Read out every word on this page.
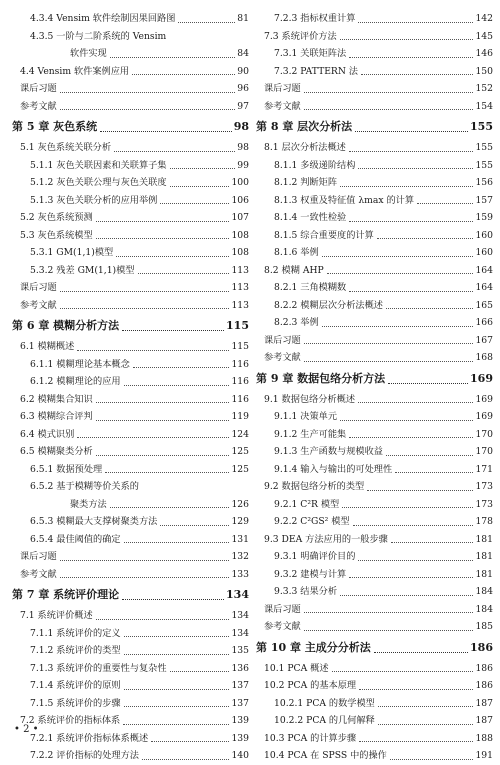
4.3.4 Vensim 软件绘制因果回路图	81
4.3.5 一阶与二阶系统的 Vensim
软件实现	84
4.4 Vensim 软件案例应用	90
课后习题	96
参考文献	97
第 5 章 灰色系统	98
5.1 灰色系统关联分析	98
5.1.1 灰色关联因素和关联算子集	99
5.1.2 灰色关联公理与灰色关联度	100
5.1.3 灰色关联分析的应用举例	106
5.2 灰色系统预测	107
5.3 灰色系统模型	108
5.3.1 GM(1,1)模型	108
5.3.2 残差 GM(1,1)模型	113
课后习题	113
参考文献	113
第 6 章 模糊分析方法	115
6.1 模糊概述	115
6.1.1 模糊理论基本概念	116
6.1.2 模糊理论的应用	116
6.2 模糊集合知识	116
6.3 模糊综合评判	119
6.4 模式识别	124
6.5 模糊聚类分析	125
6.5.1 数据预处理	125
6.5.2 基于模糊等价关系的
聚类方法	126
6.5.3 模糊最大支撑树聚类方法	129
6.5.4 最佳阈值的确定	131
课后习题	132
参考文献	133
第 7 章 系统评价理论	134
7.1 系统评价概述	134
7.1.1 系统评价的定义	134
7.1.2 系统评价的类型	135
7.1.3 系统评价的重要性与复杂性	136
7.1.4 系统评价的原则	137
7.1.5 系统评价的步骤	137
7.2 系统评价的指标体系	139
7.2.1 系统评价指标体系概述	139
7.2.2 评价指标的处理方法	140
7.2.3 指标权重计算	142
7.3 系统评价方法	145
7.3.1 关联矩阵法	146
7.3.2 PATTERN 法	150
课后习题	152
参考文献	154
第 8 章 层次分析法	155
8.1 层次分析法概述	155
8.1.1 多级递阶结构	155
8.1.2 判断矩阵	156
8.1.3 权重及特征值 λmax 的计算	157
8.1.4 一致性检验	159
8.1.5 综合重要度的计算	160
8.1.6 举例	160
8.2 模糊 AHP	164
8.2.1 三角模糊数	164
8.2.2 模糊层次分析法概述	165
8.2.3 举例	166
课后习题	167
参考文献	168
第 9 章 数据包络分析方法	169
9.1 数据包络分析概述	169
9.1.1 决策单元	169
9.1.2 生产可能集	170
9.1.3 生产函数与规模收益	170
9.1.4 输入与输出的可处理性	171
9.2 数据包络分析的类型	173
9.2.1 C²R 模型	173
9.2.2 C²GS² 模型	178
9.3 DEA 方法应用的一般步骤	181
9.3.1 明确评价目的	181
9.3.2 建模与计算	181
9.3.3 结果分析	184
课后习题	184
参考文献	185
第 10 章 主成分分析法	186
10.1 PCA 概述	186
10.2 PCA 的基本原理	186
10.2.1 PCA 的数学模型	187
10.2.2 PCA 的几何解释	187
10.3 PCA 的计算步骤	188
10.4 PCA 在 SPSS 中的操作	191
• 2 •
